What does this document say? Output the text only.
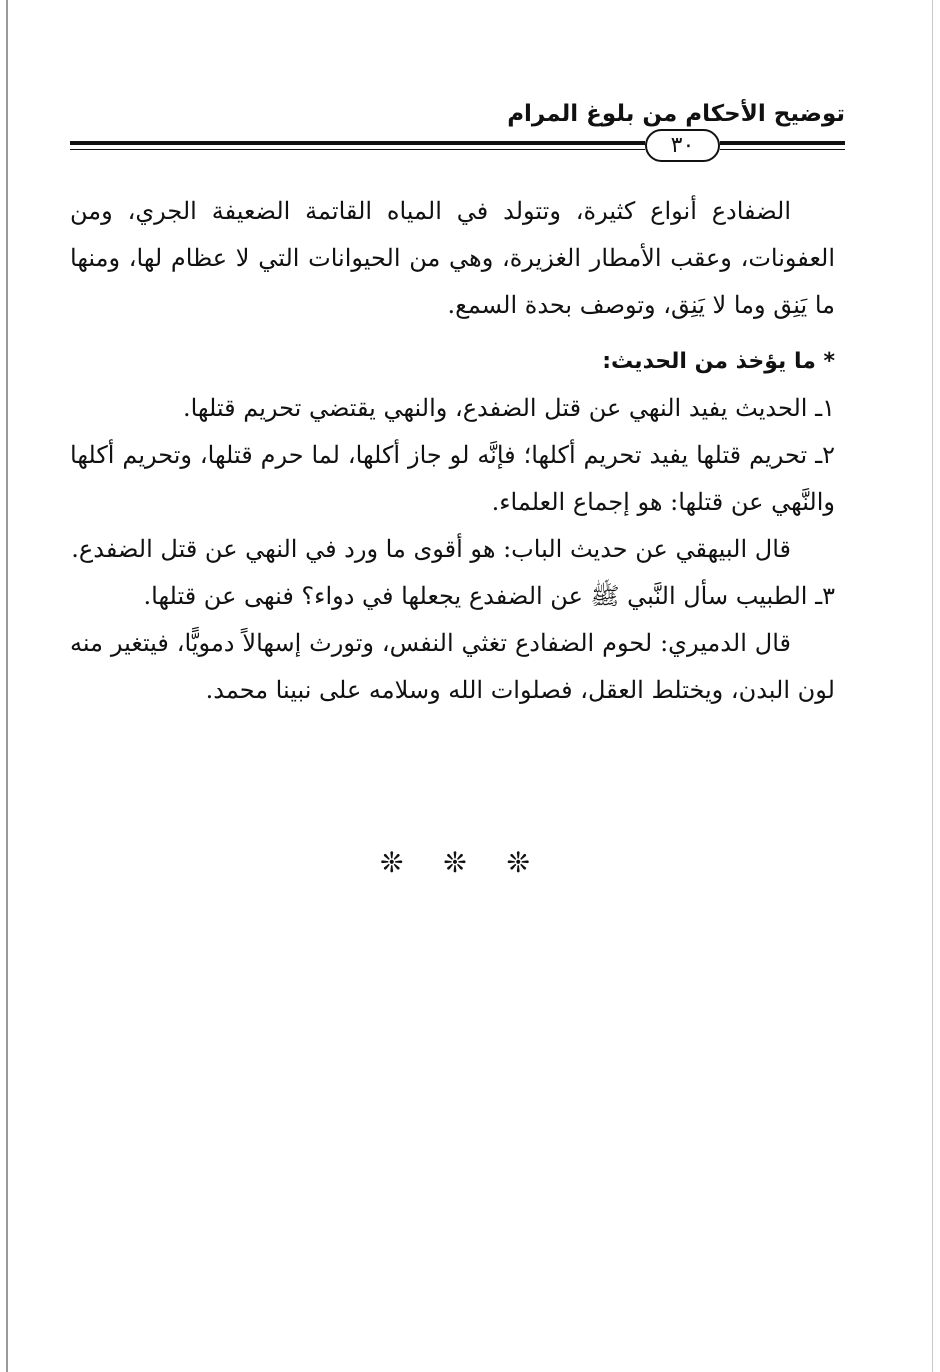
توضيح الأحكام من بلوغ المرام
٣٠

الضفادع أنواع كثيرة، وتتولد في المياه القاتمة الضعيفة الجري، ومن العفونات، وعقب الأمطار الغزيرة، وهي من الحيوانات التي لا عظام لها، ومنها ما يَنِق وما لا يَنِق، وتوصف بحدة السمع.

* ما يؤخذ من الحديث:

١ـ الحديث يفيد النهي عن قتل الضفدع، والنهي يقتضي تحريم قتلها.

٢ـ تحريم قتلها يفيد تحريم أكلها؛ فإنَّه لو جاز أكلها، لما حرم قتلها، وتحريم أكلها والنَّهي عن قتلها: هو إجماع العلماء.

قال البيهقي عن حديث الباب: هو أقوى ما ورد في النهي عن قتل الضفدع.

٣ـ الطبيب سأل النَّبي ﷺ عن الضفدع يجعلها في دواء؟ فنهى عن قتلها.

قال الدميري: لحوم الضفادع تغثي النفس، وتورث إسهالاً دمويًّا، فيتغير منه لون البدن، ويختلط العقل، فصلوات الله وسلامه على نبينا محمد.

❊ ❊ ❊
